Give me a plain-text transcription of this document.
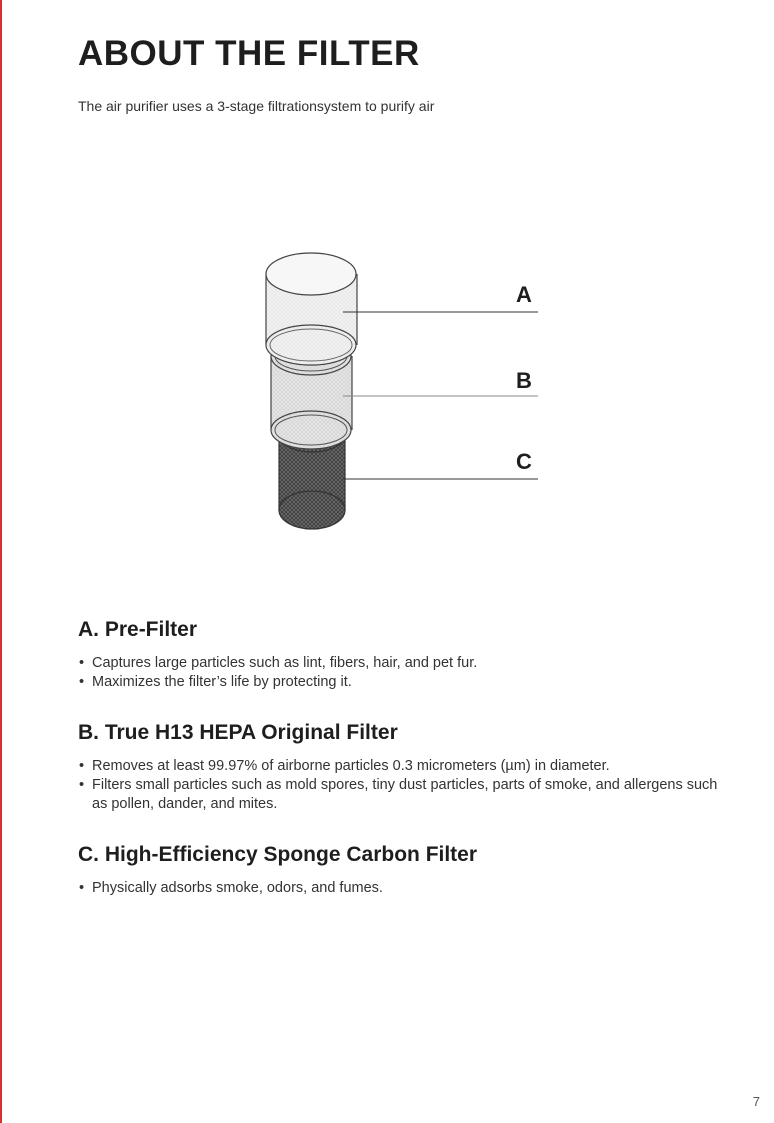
ABOUT THE FILTER

The air purifier uses a 3-stage filtrationsystem to purify air

A
B
C
A. Pre-Filter
• Captures large particles such as lint, fibers, hair, and pet fur.
• Maximizes the filter’s life by protecting it.
B. True H13 HEPA Original Filter
• Removes at least 99.97% of airborne particles 0.3 micrometers (µm) in diameter.
• Filters small particles such as mold spores, tiny dust particles, parts of smoke, and allergens such as pollen, dander, and mites.
C. High-Efficiency Sponge Carbon Filter
• Physically adsorbs smoke, odors, and fumes.
7
